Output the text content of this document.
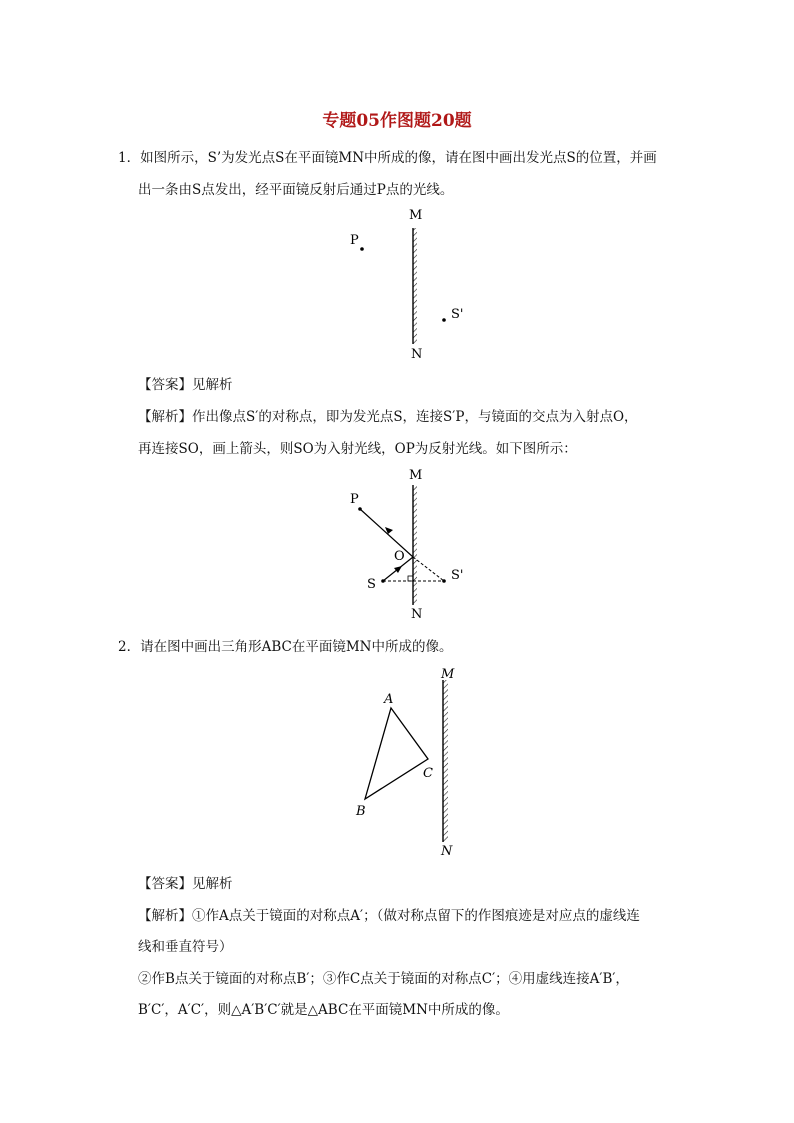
专题05作图题20题
1．如图所示，S’为发光点S在平面镜MN中所成的像，请在图中画出发光点S的位置，并画
出一条由S点发出，经平面镜反射后通过P点的光线。
M
N
P
S'
【答案】见解析
【解析】作出像点S′的对称点，即为发光点S，连接S′P，与镜面的交点为入射点O，
再连接SO，画上箭头，则SO为入射光线，OP为反射光线。如下图所示：
M
N
P
O
S
S'
2．请在图中画出三角形ABC在平面镜MN中所成的像。
M
N
A
C
B
【答案】见解析
【解析】①作A点关于镜面的对称点A′；（做对称点留下的作图痕迹是对应点的虚线连
线和垂直符号）
②作B点关于镜面的对称点B′；③作C点关于镜面的对称点C′；④用虚线连接A′B′，
B′C′，A′C′，则△A′B′C′就是△ABC在平面镜MN中所成的像。
